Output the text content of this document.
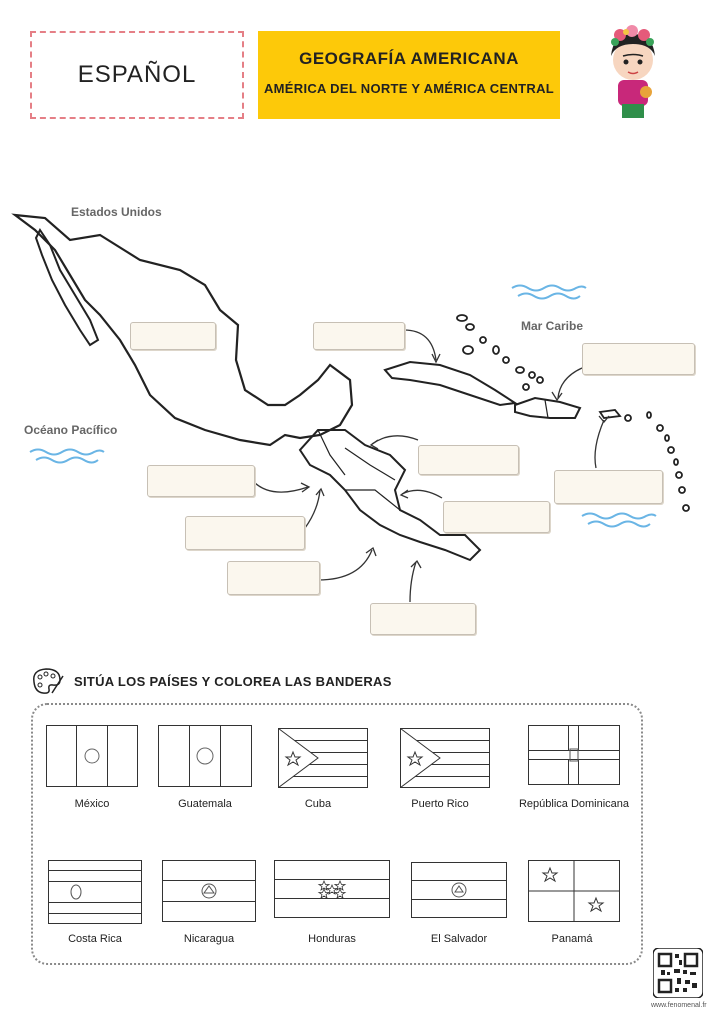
ESPAÑOL
GEOGRAFÍA AMERICANA
AMÉRICA DEL NORTE Y AMÉRICA CENTRAL
Estados Unidos
Océano Pacífico
Mar Caribe
SITÚA LOS PAÍSES Y COLOREA LAS BANDERAS
México	Guatemala	Cuba	Puerto Rico	República Dominicana
Costa Rica	Nicaragua	Honduras	El Salvador	Panamá
www.fenomenal.fr
